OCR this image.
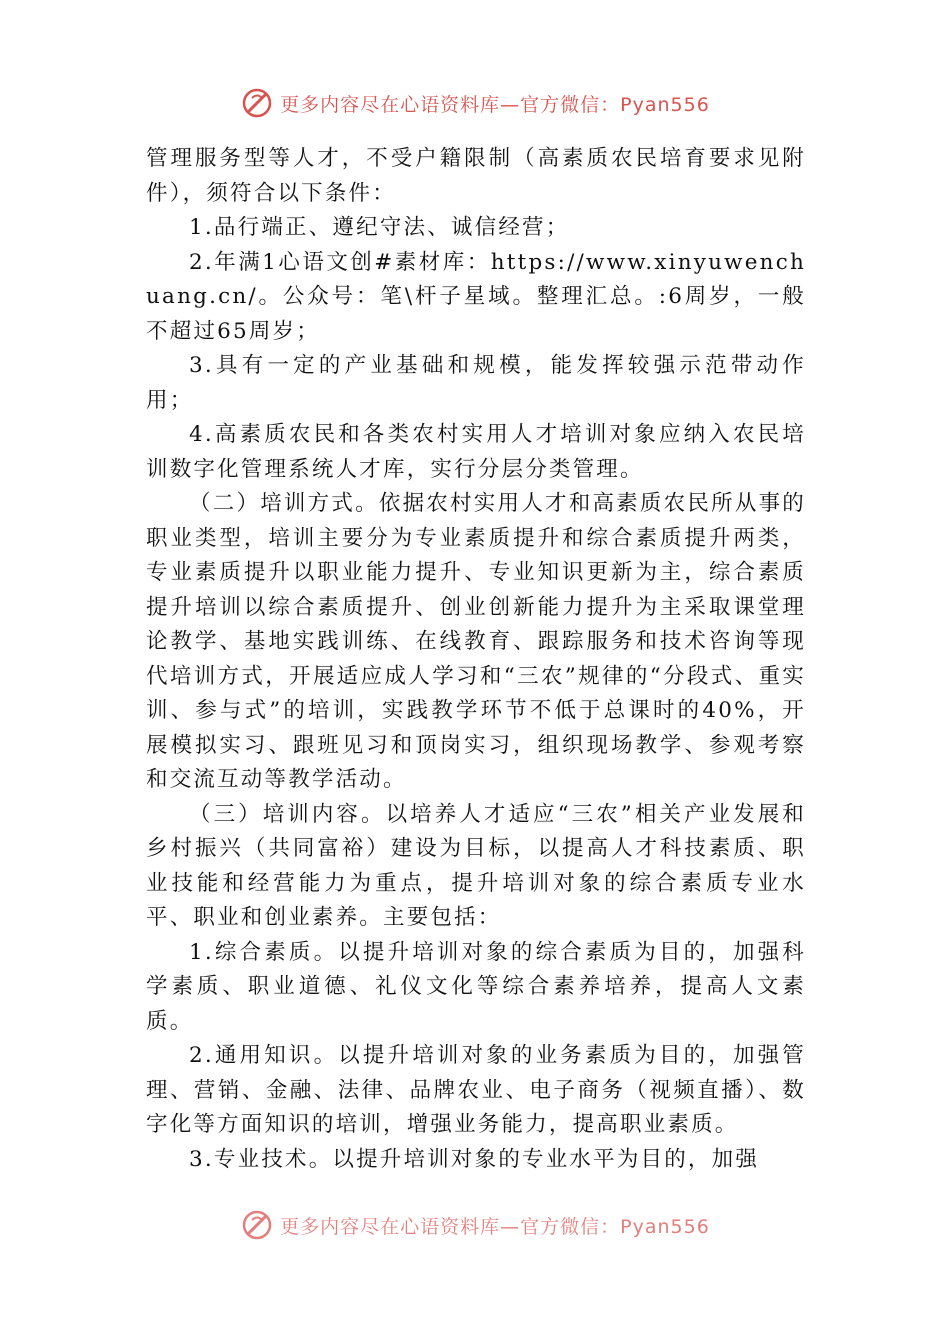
更多内容尽在心语资料库—官方微信：Pyan556

管理服务型等人才，不受户籍限制（高素质农民培育要求见附件），须符合以下条件：

1.品行端正、遵纪守法、诚信经营；

2.年满1心语文创#素材库：https://www.xinyuwenchuang.cn/。公众号：笔\杆子星域。整理汇总。:6周岁，一般不超过65周岁；

3.具有一定的产业基础和规模，能发挥较强示范带动作用；

4.高素质农民和各类农村实用人才培训对象应纳入农民培训数字化管理系统人才库，实行分层分类管理。

（二）培训方式。依据农村实用人才和高素质农民所从事的职业类型，培训主要分为专业素质提升和综合素质提升两类，专业素质提升以职业能力提升、专业知识更新为主，综合素质提升培训以综合素质提升、创业创新能力提升为主采取课堂理论教学、基地实践训练、在线教育、跟踪服务和技术咨询等现代培训方式，开展适应成人学习和“三农”规律的“分段式、重实训、参与式”的培训，实践教学环节不低于总课时的40%，开展模拟实习、跟班见习和顶岗实习，组织现场教学、参观考察和交流互动等教学活动。

（三）培训内容。以培养人才适应“三农”相关产业发展和乡村振兴（共同富裕）建设为目标，以提高人才科技素质、职业技能和经营能力为重点，提升培训对象的综合素质专业水平、职业和创业素养。主要包括：

1.综合素质。以提升培训对象的综合素质为目的，加强科学素质、职业道德、礼仪文化等综合素养培养，提高人文素质。

2.通用知识。以提升培训对象的业务素质为目的，加强管理、营销、金融、法律、品牌农业、电子商务（视频直播）、数字化等方面知识的培训，增强业务能力，提高职业素质。

3.专业技术。以提升培训对象的专业水平为目的，加强

更多内容尽在心语资料库—官方微信：Pyan556
